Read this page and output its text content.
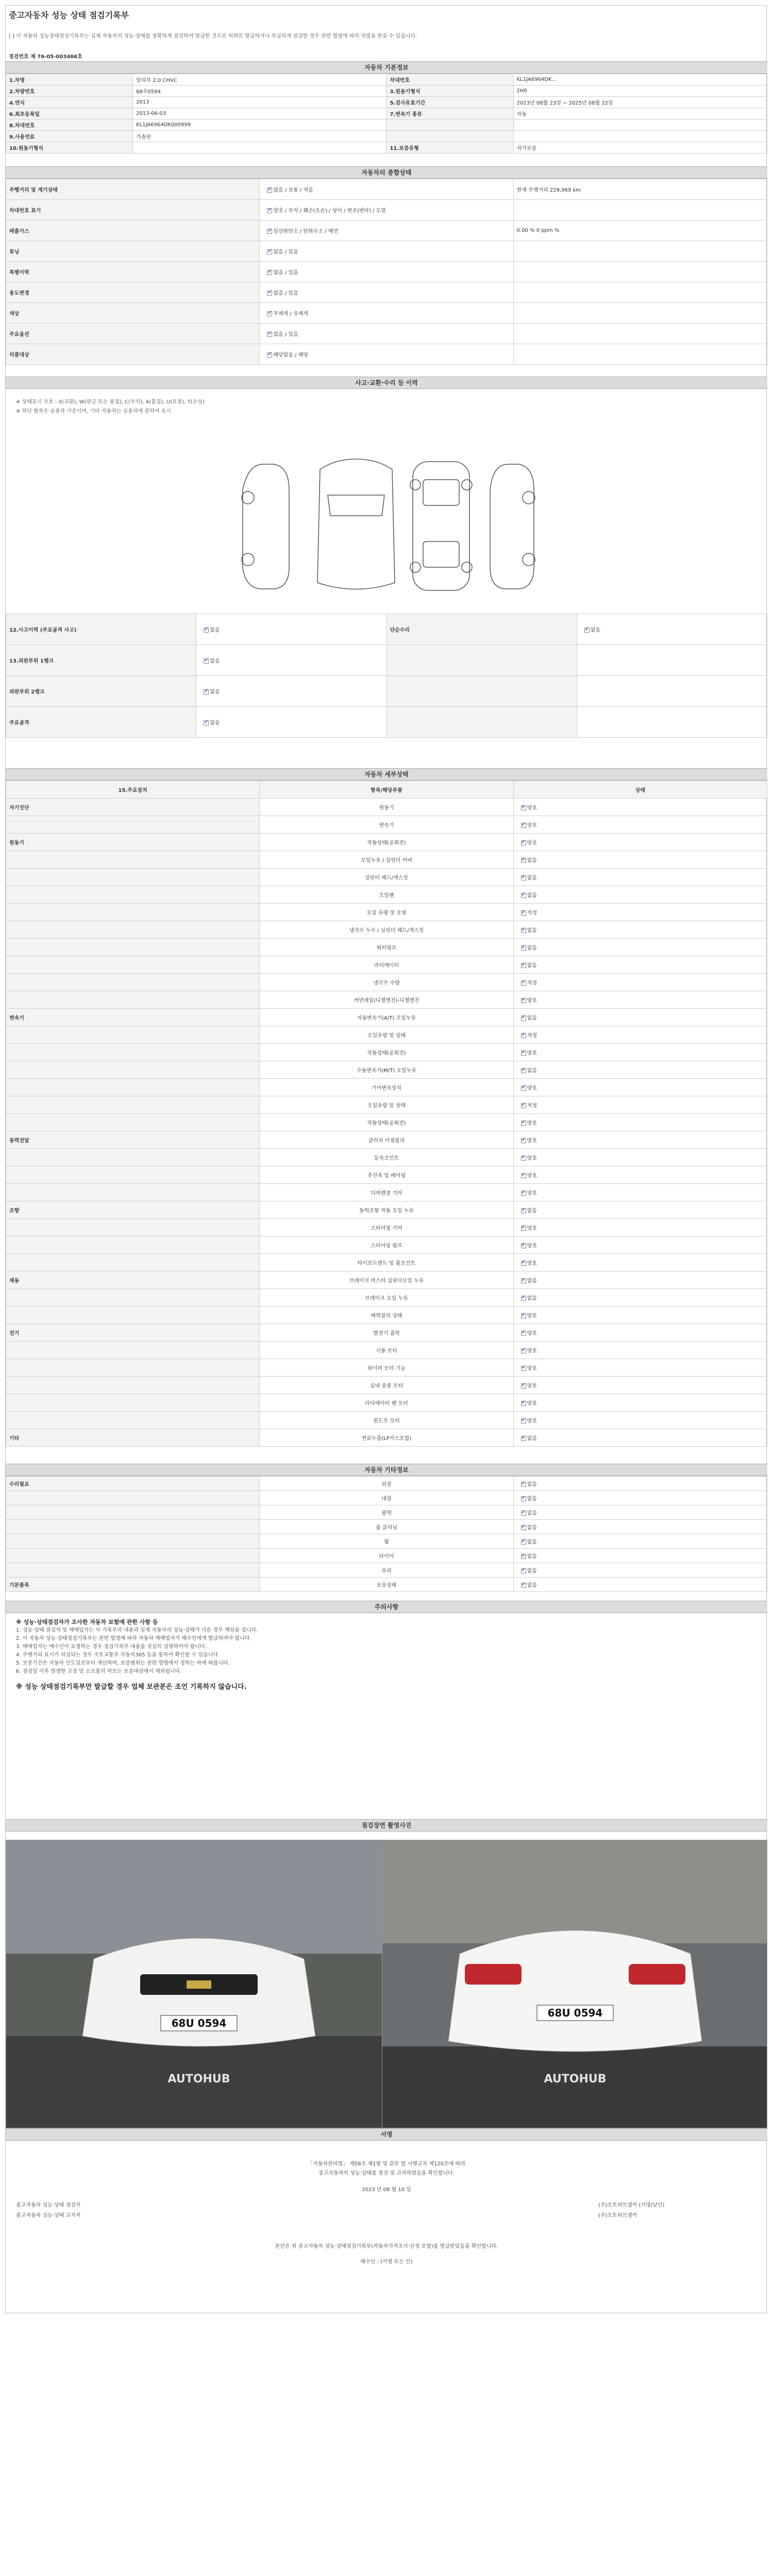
중고자동차 성능 상태 점검기록부
[ ] 이 자동차 성능상태점검기록부는 실제 자동차의 성능·상태를 정확하게 점검하여 발급한 것으로 허위로 발급하거나 부실하게 점검한 경우 관련 법령에 따라 처벌을 받을 수 있습니다.
점검번호 제 76-05-003466호
자동차 기본정보
1.차명	말리부 2.0 CHVC	차대번호	KL1JA6964DK...
2.차량번호	68우0594	3.원동기형식	2H0
4.연식	2013	5.검사유효기간	2023년 08월 23일 ~ 2025년 08월 22일
6.최초등록일	2013-06-03	7.변속기 종류	자동
8.차대번호	KL1JA6964DK000999		
9.사용연료	가솔린		
10.원동기형식		11.보증유형	자가보증
자동차의 종합상태
주행거리 및 계기상태	✔많음 / 보통 / 적음	현재 주행거리 229,969 km
차대번호 표기	✔양호 / 부식 / 훼손(오손) / 상이 / 변조(변타) / 도말	
배출가스	✔일산화탄소 / 탄화수소 / 매연	0.00 % 0 ppm %
튜닝	✔없음 / 있음	
특별이력	✔없음 / 있음	
용도변경	✔없음 / 있음	
색상	✔무채색 / 유채색	
주요옵션	✔없음 / 있음	
리콜대상	✔해당없음 / 해당	
사고·교환·수리 등 이력
※ 상태표시 부호 : X(교환), W(판금 또는 용접), C(부식), A(흠집), U(요철), T(손상)
※ 하단 항목은 승용차 기준이며, 기타 자동차는 승용차에 준하여 표시
12.사고이력 (주요골격 사고)	✔없음	단순수리	✔없음
13.외판부위 1랭크	✔없음		
외판부위 2랭크	✔없음		
주요골격	✔없음		
자동차 세부상태
15.주요장치	항목/해당부품	상태
자기진단	원동기	✔양호
	변속기	✔양호
원동기	작동상태(공회전)	✔양호
	오일누유 / 실린더 커버	✔없음
	실린더 헤드/개스킷	✔없음
	오일팬	✔없음
	오일 유량 및 오염	✔적정
	냉각수 누수 / 실린더 헤드/개스킷	✔없음
	워터펌프	✔없음
	라디에이터	✔없음
	냉각수 수량	✔적정
	커먼레일(디젤엔진)-디젤엔진	✔양호
변속기	자동변속기(A/T) 오일누유	✔없음
	오일유량 및 상태	✔적정
	작동상태(공회전)	✔양호
	수동변속기(M/T) 오일누유	✔없음
	기어변속장치	✔양호
	오일유량 및 상태	✔적정
	작동상태(공회전)	✔양호
동력전달	클러치 어셈블리	✔양호
	등속조인트	✔양호
	추진축 및 베어링	✔양호
	디퍼렌셜 기어	✔양호
조향	동력조향 작동 오일 누유	✔없음
	스티어링 기어	✔양호
	스티어링 펌프	✔양호
	타이로드엔드 및 볼조인트	✔양호
제동	브레이크 마스터 실린더오일 누유	✔없음
	브레이크 오일 누유	✔없음
	배력장치 상태	✔양호
전기	발전기 출력	✔양호
	시동 모터	✔양호
	와이퍼 모터 기능	✔양호
	실내 송풍 모터	✔양호
	라디에이터 팬 모터	✔양호
	윈도우 모터	✔양호
기타	연료누출(LP가스포함)	✔없음
자동차 기타정보
수리필요	외장	✔없음
	내장	✔없음
	광택	✔없음
	룸 클리닝	✔없음
	휠	✔없음
	타이어	✔없음
	유리	✔없음
기본품목	보유상태	✔없음
주의사항
※ 성능·상태점검자가 조사한 자동차 보험에 관한 사항 등
1. 성능·상태 점검자 및 매매업자는 이 기록부의 내용과 실제 자동차의 성능·상태가 다른 경우 책임을 집니다.
2. 이 자동차 성능·상태점검기록부는 관련 법령에 따라 자동차 매매업자가 매수인에게 발급하여야 합니다.
3. 매매업자는 매수인이 요청하는 경우 점검기록부 내용을 성실히 설명하여야 합니다.
4. 주행거리 표시가 의심되는 경우 국토교통부 자동차365 등을 통하여 확인할 수 있습니다.
5. 보증기간은 자동차 인도일로부터 계산하며, 보증범위는 관련 법령에서 정하는 바에 따릅니다.
6. 점검일 이후 발생한 고장 및 소모품의 마모는 보증대상에서 제외됩니다.
※ 성능 상태점검기록부만 발급할 경우 업체 보관분은 조언 기록하지 않습니다.
점검장면 촬영사진
68U 0594
AUTOHUB
68U 0594
AUTOHUB
서명
「자동차관리법」 제58조 제1항 및 같은 법 시행규칙 제120조에 따라
중고자동차의 성능·상태를 점검 및 고지하였음을 확인합니다.
2023 년 08 월 10 일
중고자동차 성능·상태 점검자	(주)오토허브셀카 (서명/날인)
중고자동차 성능·상태 고지자	(주)오토허브셀카
본인은 위 중고자동차 성능·상태점검기록부(자동차가격조사·산정 포함)를 발급받았음을 확인합니다.
매수인 : (서명 또는 인)
